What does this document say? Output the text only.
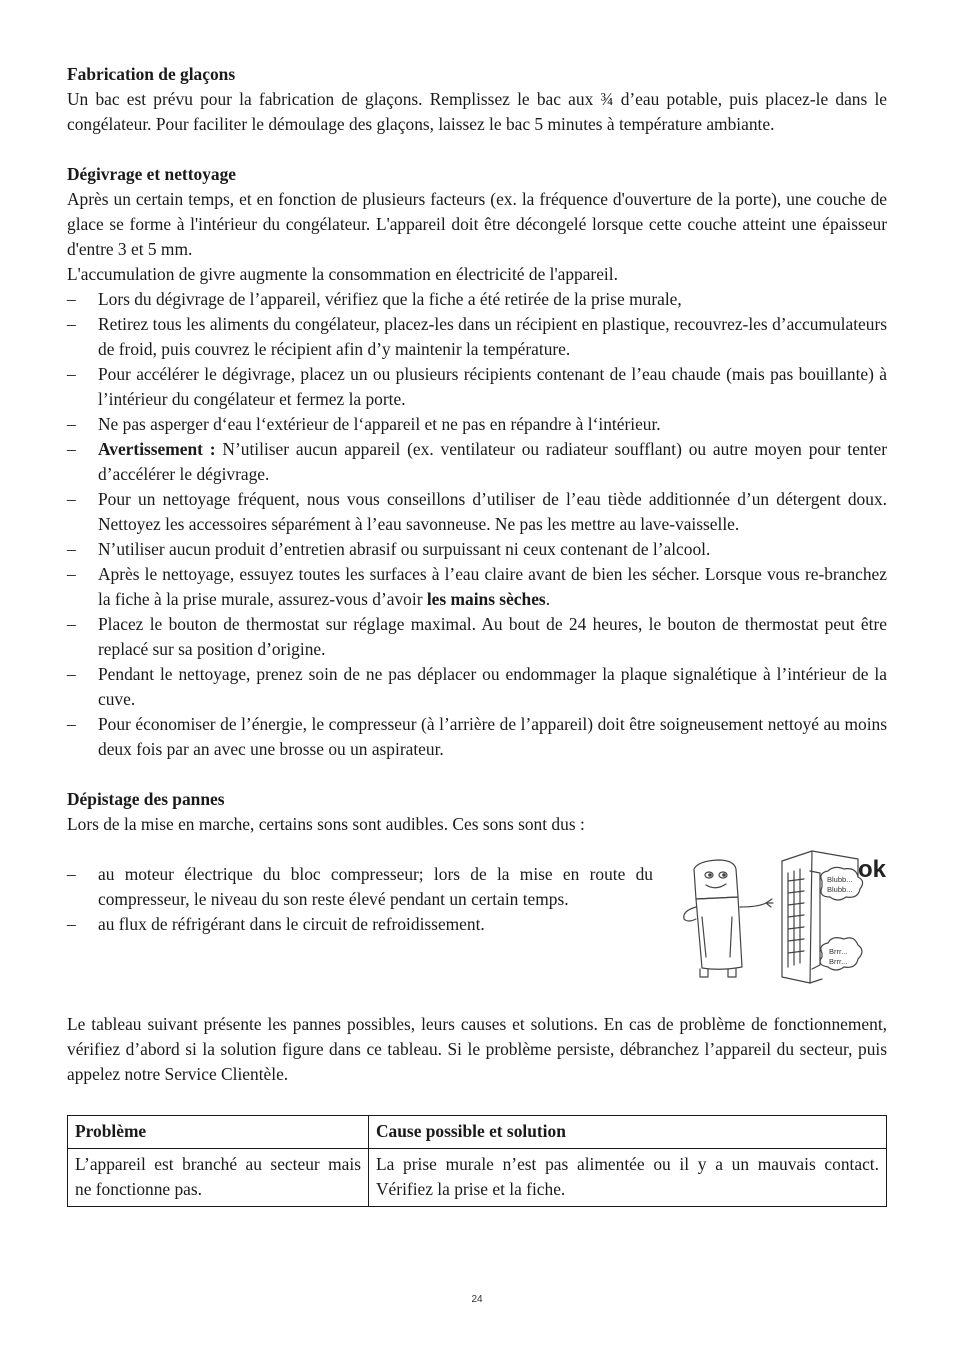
Fabrication de glaçons

Un bac est prévu pour la fabrication de glaçons. Remplissez le bac aux ¾ d’eau potable, puis placez-le dans le congélateur. Pour faciliter le démoulage des glaçons, laissez le bac 5 minutes à température ambiante.

Dégivrage et nettoyage

Après un certain temps, et en fonction de plusieurs facteurs (ex. la fréquence d'ouverture de la porte), une couche de glace se forme à l'intérieur du congélateur. L'appareil doit être décongelé lorsque cette couche atteint une épaisseur d'entre 3 et 5 mm.

L'accumulation de givre augmente la consommation en électricité de l'appareil.

– Lors du dégivrage de l’appareil, vérifiez que la fiche a été retirée de la prise murale,
– Retirez tous les aliments du congélateur, placez-les dans un récipient en plastique, recouvrez-les d’accumulateurs de froid, puis couvrez le récipient afin d’y maintenir la température.
– Pour accélérer le dégivrage, placez un ou plusieurs récipients contenant de l’eau chaude (mais pas bouillante) à l’intérieur du congélateur et fermez la porte.
– Ne pas asperger d‘eau l‘extérieur de l‘appareil et ne pas en répandre à l‘intérieur.
– Avertissement : N’utiliser aucun appareil (ex. ventilateur ou radiateur soufflant) ou autre moyen pour tenter d’accélérer le dégivrage.
– Pour un nettoyage fréquent, nous vous conseillons d’utiliser de l’eau tiède additionnée d’un détergent doux. Nettoyez les accessoires séparément à l’eau savonneuse. Ne pas les mettre au lave-vaisselle.
– N’utiliser aucun produit d’entretien abrasif ou surpuissant ni ceux contenant de l’alcool.
– Après le nettoyage, essuyez toutes les surfaces à l’eau claire avant de bien les sécher. Lorsque vous re-branchez la fiche à la prise murale, assurez-vous d’avoir les mains sèches.
– Placez le bouton de thermostat sur réglage maximal. Au bout de 24 heures, le bouton de thermostat peut être replacé sur sa position d’origine.
– Pendant le nettoyage, prenez soin de ne pas déplacer ou endommager la plaque signalétique à l’intérieur de la cuve.
– Pour économiser de l’énergie, le compresseur (à l’arrière de l’appareil) doit être soigneusement nettoyé au moins deux fois par an avec une brosse ou un aspirateur.
Dépistage des pannes

Lors de la mise en marche, certains sons sont audibles. Ces sons sont dus :

– au moteur électrique du bloc compresseur; lors de la mise en route du compresseur, le niveau du son reste élevé pendant un certain temps.
– au flux de réfrigérant dans le circuit de refroidissement.
ok
Blubb...
Blubb...
Brrr...
Brrr...

Le tableau suivant présente les pannes possibles, leurs causes et solutions. En cas de problème de fonctionnement, vérifiez d’abord si la solution figure dans ce tableau. Si le problème persiste, débranchez l’appareil du secteur, puis appelez notre Service Clientèle.

Problème	Cause possible et solution
L’appareil est branché au secteur mais ne fonctionne pas.	La prise murale n’est pas alimentée ou il y a un mauvais contact. Vérifiez la prise et la fiche.
24
